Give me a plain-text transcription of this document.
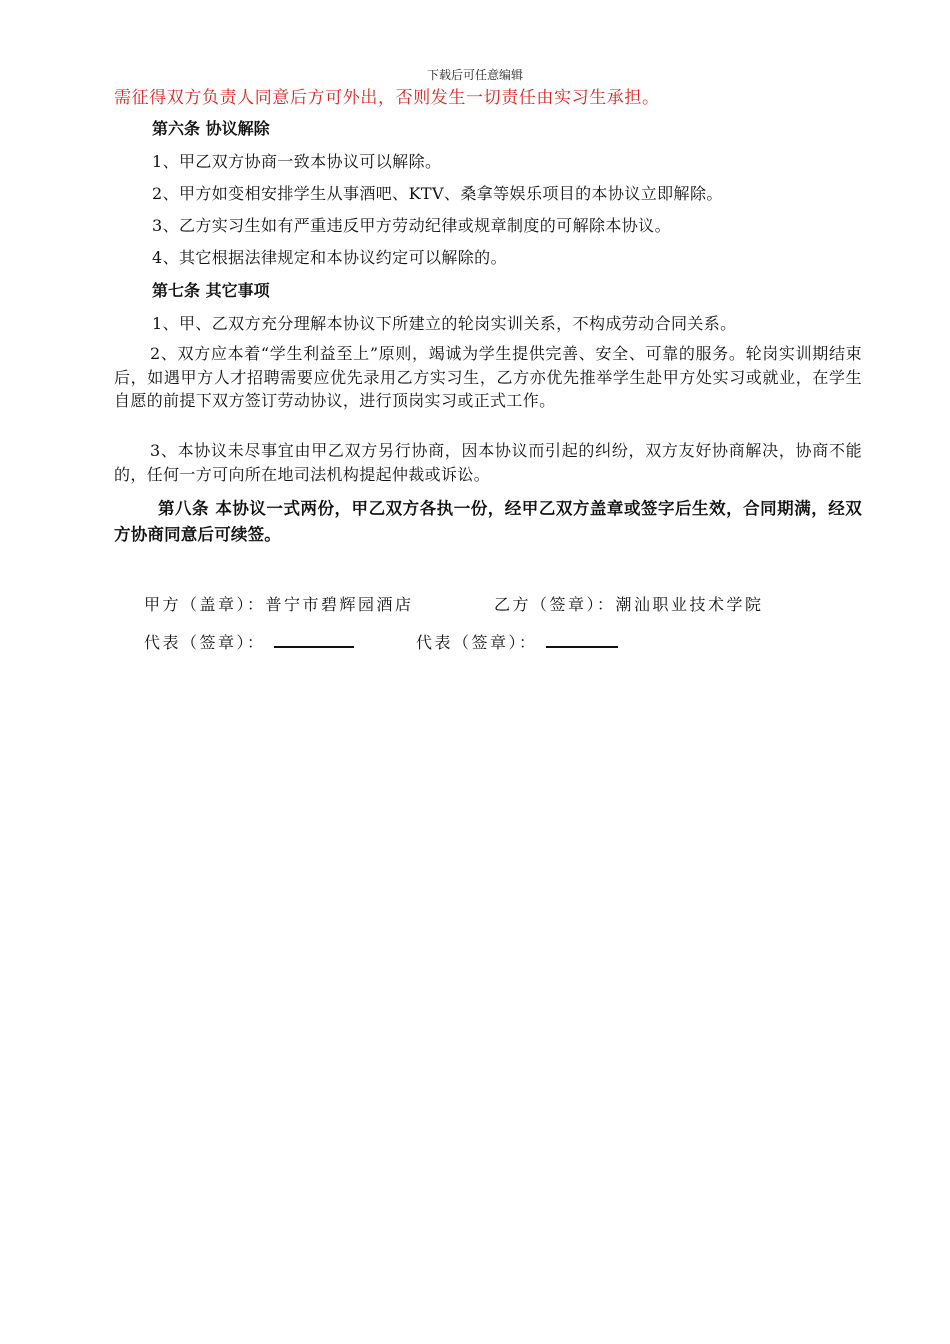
下载后可任意编辑
需征得双方负责人同意后方可外出，否则发生一切责任由实习生承担。
第六条 协议解除
1、甲乙双方协商一致本协议可以解除。
2、甲方如变相安排学生从事酒吧、KTV、桑拿等娱乐项目的本协议立即解除。
3、乙方实习生如有严重违反甲方劳动纪律或规章制度的可解除本协议。
4、其它根据法律规定和本协议约定可以解除的。
第七条 其它事项
1、甲、乙双方充分理解本协议下所建立的轮岗实训关系，不构成劳动合同关系。
2、双方应本着“学生利益至上”原则，竭诚为学生提供完善、安全、可靠的服务。轮岗实训期结束后，如遇甲方人才招聘需要应优先录用乙方实习生，乙方亦优先推举学生赴甲方处实习或就业，在学生自愿的前提下双方签订劳动协议，进行顶岗实习或正式工作。
3、本协议未尽事宜由甲乙双方另行协商，因本协议而引起的纠纷，双方友好协商解决，协商不能的，任何一方可向所在地司法机构提起仲裁或诉讼。
第八条 本协议一式两份，甲乙双方各执一份，经甲乙双方盖章或签字后生效，合同期满，经双方协商同意后可续签。
甲方（盖章）：普宁市碧辉园酒店	乙方（签章）：潮汕职业技术学院
代表（签章）：	代表（签章）：
